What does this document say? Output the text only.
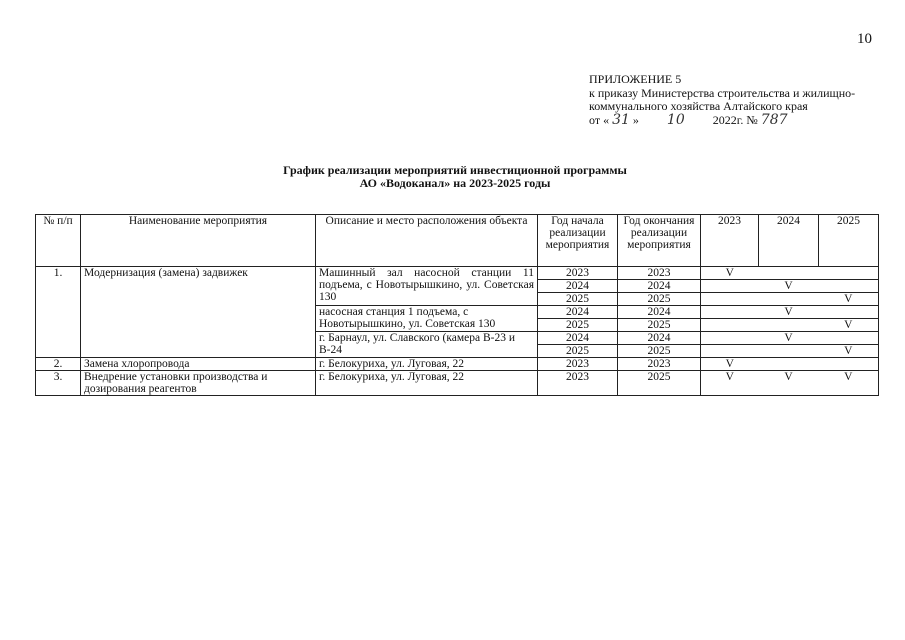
10
ПРИЛОЖЕНИЕ 5
к приказу Министерства строительства и жилищно-
коммунального хозяйства Алтайского края
от « 31 » 10 2022г. № 787
График реализации мероприятий инвестиционной программы
АО «Водоканал» на 2023-2025 годы
№ п/п	Наименование мероприятия	Описание и место расположения объекта	Год начала реализации мероприятия	Год окончания реализации мероприятия	2023	2024	2025
1.	Модернизация (замена) задвижек	Машинный зал насосной станции 11 подъема, с Новотырышкино, ул. Советская 130	2023	2023	V		
			2024	2024		V	
			2025	2025			V
		насосная станция 1 подъема, с Новотырышкино, ул. Советская 130	2024	2024		V	
			2025	2025			V
		г. Барнаул, ул. Славского (камера В-23 и В-24	2024	2024		V	
			2025	2025			V
2.	Замена хлоропровода	г. Белокуриха, ул. Луговая, 22	2023	2023	V		
3.	Внедрение установки производства и дозирования реагентов	г. Белокуриха, ул. Луговая, 22	2023	2025	V	V	V
